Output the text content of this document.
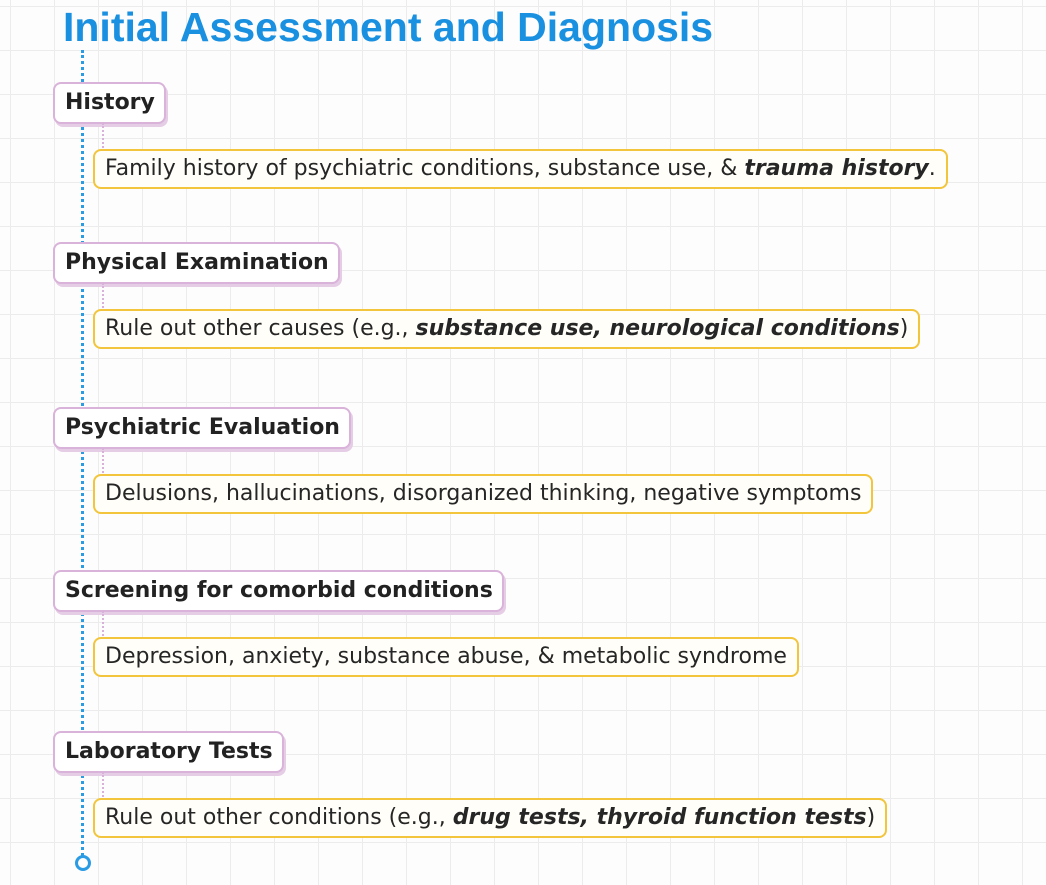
Initial Assessment and Diagnosis
History
Family history of psychiatric conditions, substance use, & trauma history.
Physical Examination
Rule out other causes (e.g., substance use, neurological conditions)
Psychiatric Evaluation
Delusions, hallucinations, disorganized thinking, negative symptoms
Screening for comorbid conditions
Depression, anxiety, substance abuse, & metabolic syndrome
Laboratory Tests
Rule out other conditions (e.g., drug tests, thyroid function tests)
